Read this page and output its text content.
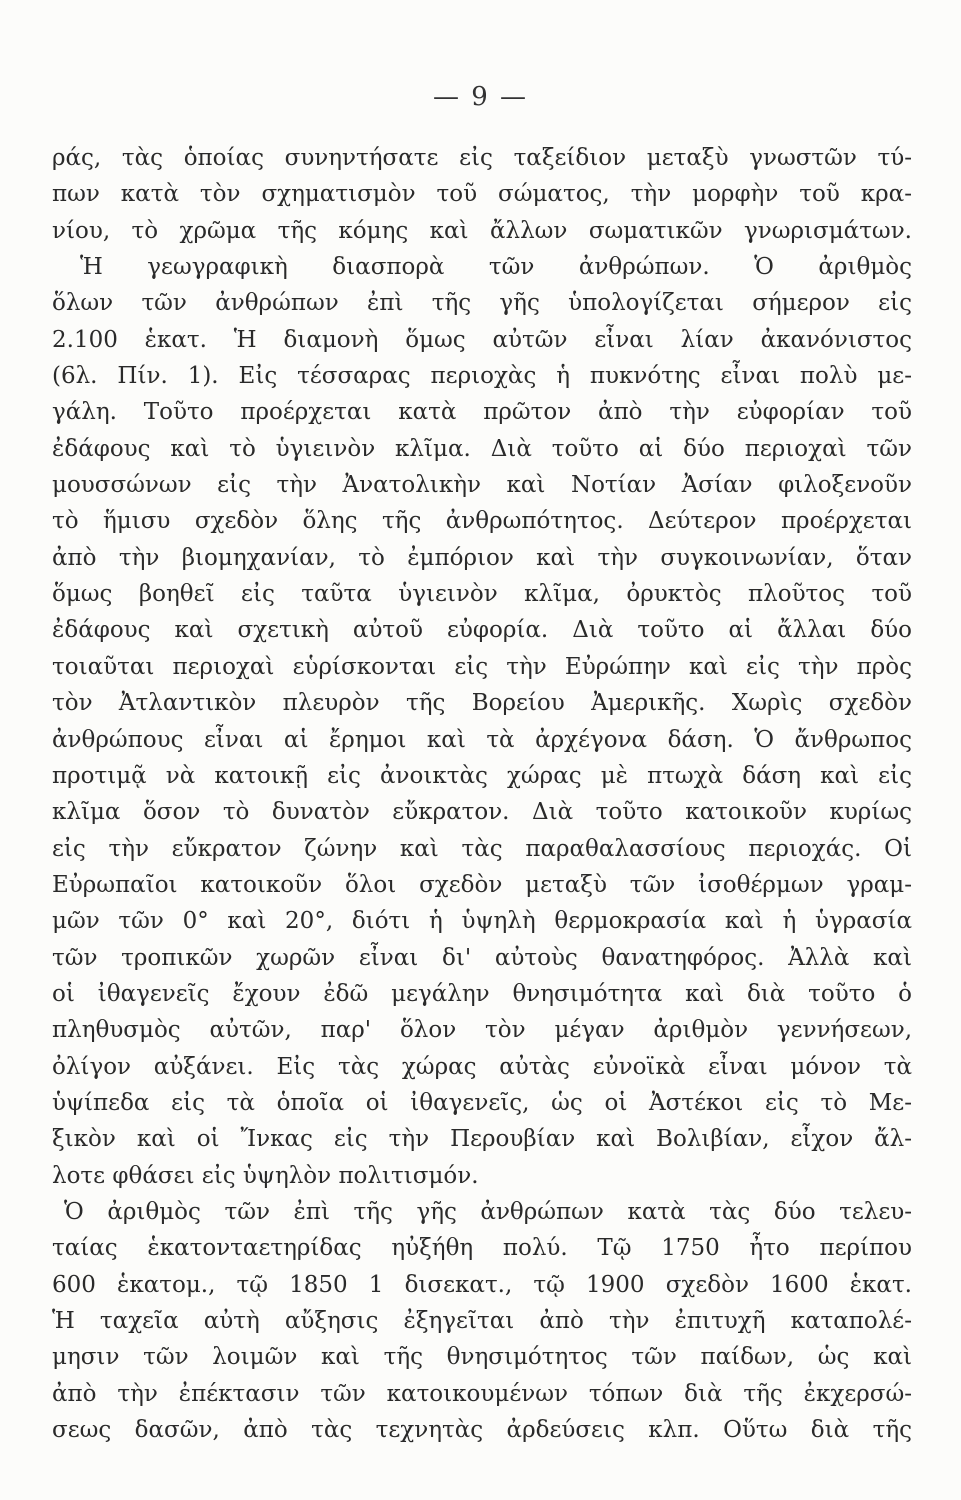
— 9 —
ράς, τὰς ὁποίας συνηντήσατε εἰς ταξείδιον μεταξὺ γνωστῶν τύ-
πων κατὰ τὸν σχηματισμὸν τοῦ σώματος, τὴν μορφὴν τοῦ κρα-
νίου, τὸ χρῶμα τῆς κόμης καὶ ἄλλων σωματικῶν γνωρισμάτων.
Ἡ γεωγραφικὴ διασπορὰ τῶν ἀνθρώπων. Ὁ ἀριθμὸς
ὅλων τῶν ἀνθρώπων ἐπὶ τῆς γῆς ὑπολογίζεται σήμερον εἰς
2.100 ἑκατ. Ἡ διαμονὴ ὅμως αὐτῶν εἶναι λίαν ἀκανόνιστος
(6λ. Πίν. 1). Εἰς τέσσαρας περιοχὰς ἡ πυκνότης εἶναι πολὺ με-
γάλη. Τοῦτο προέρχεται κατὰ πρῶτον ἀπὸ τὴν εὐφορίαν τοῦ
ἐδάφους καὶ τὸ ὑγιεινὸν κλῖμα. Διὰ τοῦτο αἱ δύο περιοχαὶ τῶν
μουσσώνων εἰς τὴν Ἀνατολικὴν καὶ Νοτίαν Ἀσίαν φιλοξενοῦν
τὸ ἥμισυ σχεδὸν ὅλης τῆς ἀνθρωπότητος. Δεύτερον προέρχεται
ἀπὸ τὴν βιομηχανίαν, τὸ ἐμπόριον καὶ τὴν συγκοινωνίαν, ὅταν
ὅμως βοηθεῖ εἰς ταῦτα ὑγιεινὸν κλῖμα, ὀρυκτὸς πλοῦτος τοῦ
ἐδάφους καὶ σχετικὴ αὐτοῦ εὐφορία. Διὰ τοῦτο αἱ ἄλλαι δύο
τοιαῦται περιοχαὶ εὑρίσκονται εἰς τὴν Εὐρώπην καὶ εἰς τὴν πρὸς
τὸν Ἀτλαντικὸν πλευρὸν τῆς Βορείου Ἀμερικῆς. Χωρὶς σχεδὸν
ἀνθρώπους εἶναι αἱ ἔρημοι καὶ τὰ ἀρχέγονα δάση. Ὁ ἄνθρωπος
προτιμᾷ νὰ κατοικῇ εἰς ἀνοικτὰς χώρας μὲ πτωχὰ δάση καὶ εἰς
κλῖμα ὅσον τὸ δυνατὸν εὔκρατον. Διὰ τοῦτο κατοικοῦν κυρίως
εἰς τὴν εὔκρατον ζώνην καὶ τὰς παραθαλασσίους περιοχάς. Οἱ
Εὐρωπαῖοι κατοικοῦν ὅλοι σχεδὸν μεταξὺ τῶν ἰσοθέρμων γραμ-
μῶν τῶν 0° καὶ 20°, διότι ἡ ὑψηλὴ θερμοκρασία καὶ ἡ ὑγρασία
τῶν τροπικῶν χωρῶν εἶναι δι' αὐτοὺς θανατηφόρος. Ἀλλὰ καὶ
οἱ ἰθαγενεῖς ἔχουν ἐδῶ μεγάλην θνησιμότητα καὶ διὰ τοῦτο ὁ
πληθυσμὸς αὐτῶν, παρ' ὅλον τὸν μέγαν ἀριθμὸν γεννήσεων,
ὀλίγον αὐξάνει. Εἰς τὰς χώρας αὐτὰς εὐνοϊκὰ εἶναι μόνον τὰ
ὑψίπεδα εἰς τὰ ὁποῖα οἱ ἰθαγενεῖς, ὡς οἱ Ἀστέκοι εἰς τὸ Με-
ξικὸν καὶ οἱ Ἴνκας εἰς τὴν Περουβίαν καὶ Βολιβίαν, εἶχον ἄλ-
λοτε φθάσει εἰς ὑψηλὸν πολιτισμόν.
Ὁ ἀριθμὸς τῶν ἐπὶ τῆς γῆς ἀνθρώπων κατὰ τὰς δύο τελευ-
ταίας ἑκατονταετηρίδας ηὐξήθη πολύ. Τῷ 1750 ἦτο περίπου
600 ἑκατομ., τῷ 1850 1 δισεκατ., τῷ 1900 σχεδὸν 1600 ἑκατ.
Ἡ ταχεῖα αὐτὴ αὔξησις ἐξηγεῖται ἀπὸ τὴν ἐπιτυχῆ καταπολέ-
μησιν τῶν λοιμῶν καὶ τῆς θνησιμότητος τῶν παίδων, ὡς καὶ
ἀπὸ τὴν ἐπέκτασιν τῶν κατοικουμένων τόπων διὰ τῆς ἐκχερσώ-
σεως δασῶν, ἀπὸ τὰς τεχνητὰς ἀρδεύσεις κλπ. Οὕτω διὰ τῆς
